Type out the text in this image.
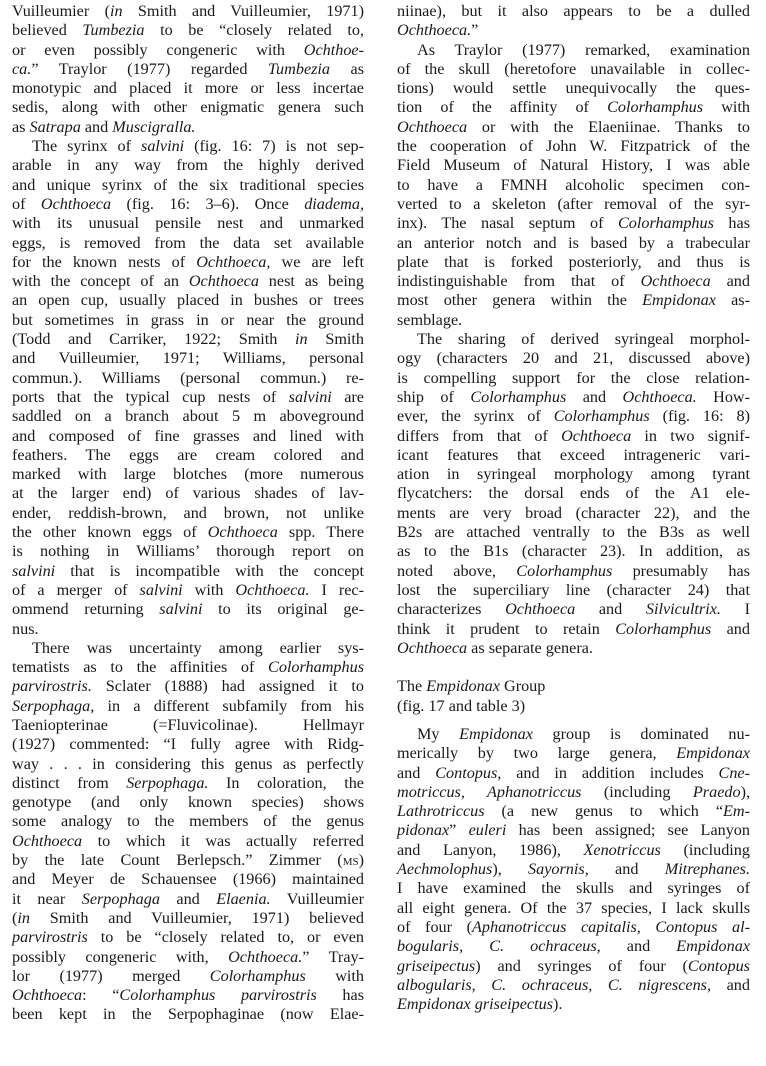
Vuilleumier (in Smith and Vuilleumier, 1971)
believed Tumbezia to be “closely related to,
or even possibly congeneric with Ochthoe-
ca.” Traylor (1977) regarded Tumbezia as
monotypic and placed it more or less incertae
sedis, along with other enigmatic genera such
as Satrapa and Muscigralla.
The syrinx of salvini (fig. 16: 7) is not sep-
arable in any way from the highly derived
and unique syrinx of the six traditional species
of Ochthoeca (fig. 16: 3–6). Once diadema,
with its unusual pensile nest and unmarked
eggs, is removed from the data set available
for the known nests of Ochthoeca, we are left
with the concept of an Ochthoeca nest as being
an open cup, usually placed in bushes or trees
but sometimes in grass in or near the ground
(Todd and Carriker, 1922; Smith in Smith
and Vuilleumier, 1971; Williams, personal
commun.). Williams (personal commun.) re-
ports that the typical cup nests of salvini are
saddled on a branch about 5 m aboveground
and composed of fine grasses and lined with
feathers. The eggs are cream colored and
marked with large blotches (more numerous
at the larger end) of various shades of lav-
ender, reddish-brown, and brown, not unlike
the other known eggs of Ochthoeca spp. There
is nothing in Williams’ thorough report on
salvini that is incompatible with the concept
of a merger of salvini with Ochthoeca. I rec-
ommend returning salvini to its original ge-
nus.
There was uncertainty among earlier sys-
tematists as to the affinities of Colorhamphus
parvirostris. Sclater (1888) had assigned it to
Serpophaga, in a different subfamily from his
Taeniopterinae (=Fluvicolinae). Hellmayr
(1927) commented: “I fully agree with Ridg-
way . . . in considering this genus as perfectly
distinct from Serpophaga. In coloration, the
genotype (and only known species) shows
some analogy to the members of the genus
Ochthoeca to which it was actually referred
by the late Count Berlepsch.” Zimmer (ms)
and Meyer de Schauensee (1966) maintained
it near Serpophaga and Elaenia. Vuilleumier
(in Smith and Vuilleumier, 1971) believed
parvirostris to be “closely related to, or even
possibly congeneric with, Ochthoeca.” Tray-
lor (1977) merged Colorhamphus with
Ochthoeca: “Colorhamphus parvirostris has
been kept in the Serpophaginae (now Elae-
niinae), but it also appears to be a dulled
Ochthoeca.”
As Traylor (1977) remarked, examination
of the skull (heretofore unavailable in collec-
tions) would settle unequivocally the ques-
tion of the affinity of Colorhamphus with
Ochthoeca or with the Elaeniinae. Thanks to
the cooperation of John W. Fitzpatrick of the
Field Museum of Natural History, I was able
to have a FMNH alcoholic specimen con-
verted to a skeleton (after removal of the syr-
inx). The nasal septum of Colorhamphus has
an anterior notch and is based by a trabecular
plate that is forked posteriorly, and thus is
indistinguishable from that of Ochthoeca and
most other genera within the Empidonax as-
semblage.
The sharing of derived syringeal morphol-
ogy (characters 20 and 21, discussed above)
is compelling support for the close relation-
ship of Colorhamphus and Ochthoeca. How-
ever, the syrinx of Colorhamphus (fig. 16: 8)
differs from that of Ochthoeca in two signif-
icant features that exceed intrageneric vari-
ation in syringeal morphology among tyrant
flycatchers: the dorsal ends of the A1 ele-
ments are very broad (character 22), and the
B2s are attached ventrally to the B3s as well
as to the B1s (character 23). In addition, as
noted above, Colorhamphus presumably has
lost the superciliary line (character 24) that
characterizes Ochthoeca and Silvicultrix. I
think it prudent to retain Colorhamphus and
Ochthoeca as separate genera.
The Empidonax Group
(fig. 17 and table 3)
My Empidonax group is dominated nu-
merically by two large genera, Empidonax
and Contopus, and in addition includes Cne-
motriccus, Aphanotriccus (including Praedo),
Lathrotriccus (a new genus to which “Em-
pidonax” euleri has been assigned; see Lanyon
and Lanyon, 1986), Xenotriccus (including
Aechmolophus), Sayornis, and Mitrephanes.
I have examined the skulls and syringes of
all eight genera. Of the 37 species, I lack skulls
of four (Aphanotriccus capitalis, Contopus al-
bogularis, C. ochraceus, and Empidonax
griseipectus) and syringes of four (Contopus
albogularis, C. ochraceus, C. nigrescens, and
Empidonax griseipectus).
